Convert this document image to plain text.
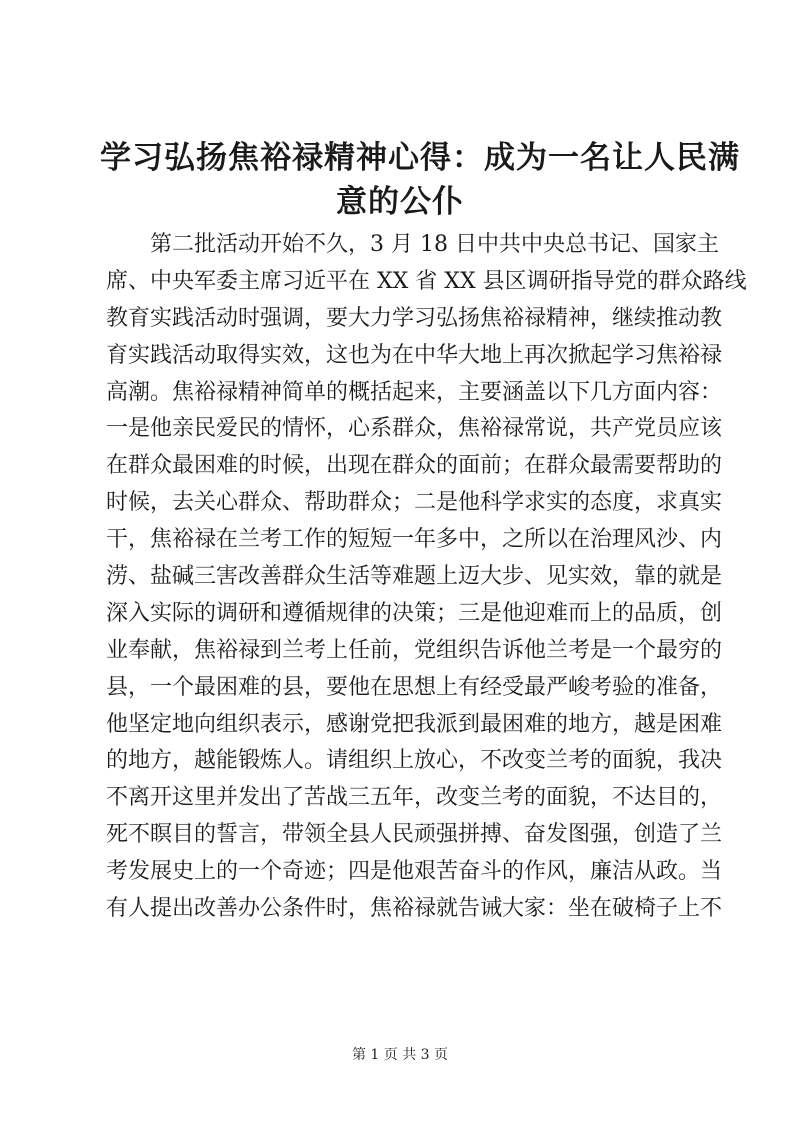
学习弘扬焦裕禄精神心得：成为一名让人民满
意的公仆
　　第二批活动开始不久，3 月 18 日中共中央总书记、国家主
席、中央军委主席习近平在 XX 省 XX 县区调研指导党的群众路线
教育实践活动时强调，要大力学习弘扬焦裕禄精神，继续推动教
育实践活动取得实效，这也为在中华大地上再次掀起学习焦裕禄
高潮。焦裕禄精神简单的概括起来，主要涵盖以下几方面内容：
一是他亲民爱民的情怀，心系群众，焦裕禄常说，共产党员应该
在群众最困难的时候，出现在群众的面前；在群众最需要帮助的
时候，去关心群众、帮助群众；二是他科学求实的态度，求真实
干，焦裕禄在兰考工作的短短一年多中，之所以在治理风沙、内
涝、盐碱三害改善群众生活等难题上迈大步、见实效，靠的就是
深入实际的调研和遵循规律的决策；三是他迎难而上的品质，创
业奉献，焦裕禄到兰考上任前，党组织告诉他兰考是一个最穷的
县，一个最困难的县，要他在思想上有经受最严峻考验的准备，
他坚定地向组织表示，感谢党把我派到最困难的地方，越是困难
的地方，越能锻炼人。请组织上放心，不改变兰考的面貌，我决
不离开这里并发出了苦战三五年，改变兰考的面貌，不达目的，
死不瞑目的誓言，带领全县人民顽强拼搏、奋发图强，创造了兰
考发展史上的一个奇迹；四是他艰苦奋斗的作风，廉洁从政。当
有人提出改善办公条件时，焦裕禄就告诫大家：坐在破椅子上不
第 1 页 共 3 页
